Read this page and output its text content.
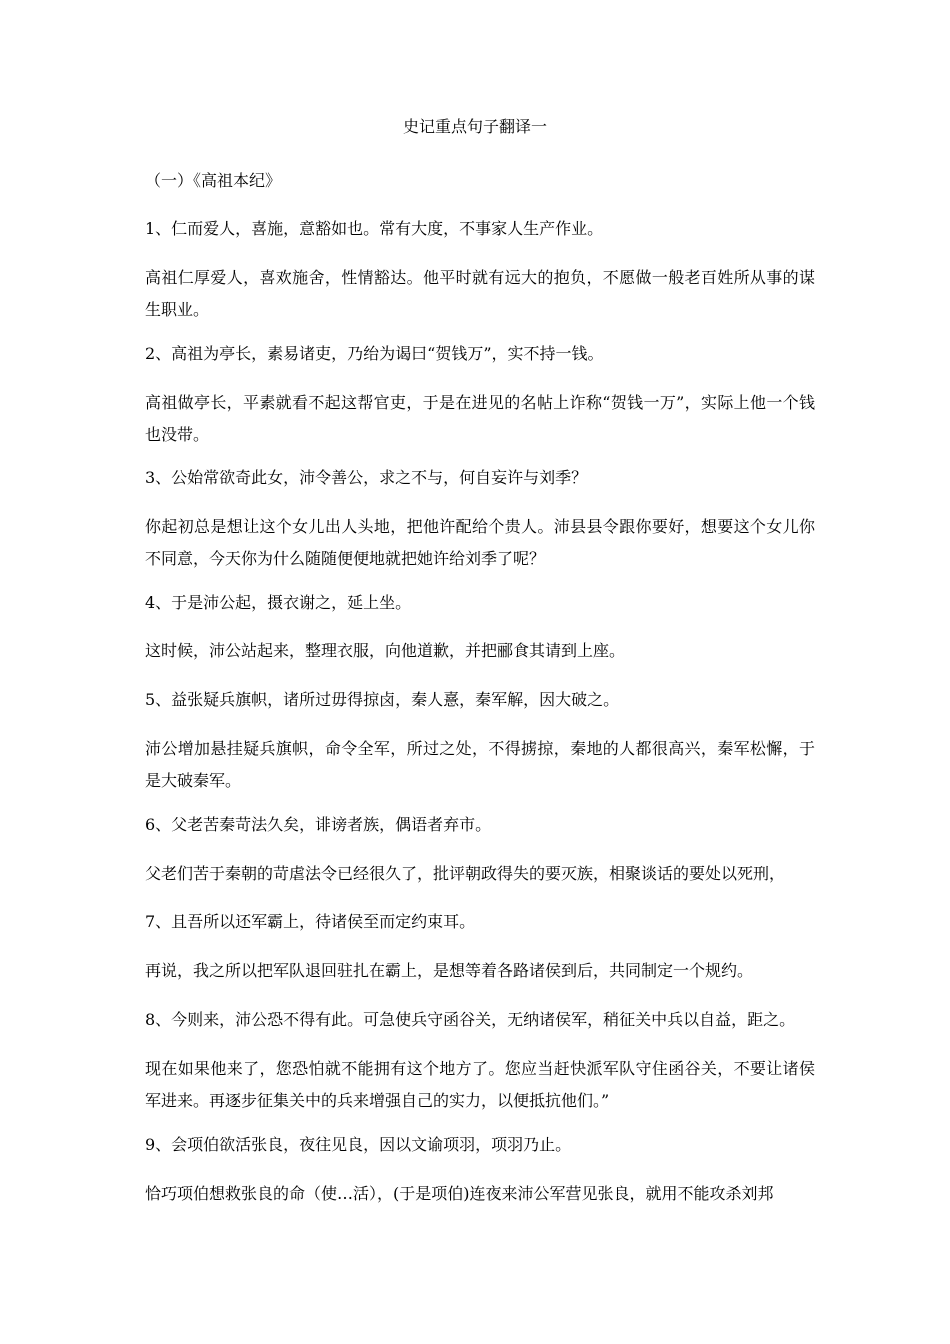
史记重点句子翻译一

（一）《高祖本纪》

1、仁而爱人，喜施，意豁如也。常有大度，不事家人生产作业。

高祖仁厚爱人，喜欢施舍，性情豁达。他平时就有远大的抱负，不愿做一般老百姓所从事的谋生职业。

2、高祖为亭长，素易诸吏，乃绐为谒曰“贺钱万”，实不持一钱。

高祖做亭长，平素就看不起这帮官吏，于是在进见的名帖上诈称“贺钱一万”，实际上他一个钱也没带。

3、公始常欲奇此女，沛令善公，求之不与，何自妄许与刘季？

你起初总是想让这个女儿出人头地，把他许配给个贵人。沛县县令跟你要好，想要这个女儿你不同意，今天你为什么随随便便地就把她许给刘季了呢？

4、于是沛公起，摄衣谢之，延上坐。

这时候，沛公站起来，整理衣服，向他道歉，并把郦食其请到上座。

5、益张疑兵旗帜，诸所过毋得掠卤，秦人憙，秦军解，因大破之。

沛公增加悬挂疑兵旗帜，命令全军，所过之处，不得掳掠，秦地的人都很高兴，秦军松懈，于是大破秦军。

6、父老苦秦苛法久矣，诽谤者族，偶语者弃市。

父老们苦于秦朝的苛虐法令已经很久了，批评朝政得失的要灭族，相聚谈话的要处以死刑，

7、且吾所以还军霸上，待诸侯至而定约束耳。

再说，我之所以把军队退回驻扎在霸上，是想等着各路诸侯到后，共同制定一个规约。

8、今则来，沛公恐不得有此。可急使兵守函谷关，无纳诸侯军，稍征关中兵以自益，距之。

现在如果他来了，您恐怕就不能拥有这个地方了。您应当赶快派军队守住函谷关，不要让诸侯军进来。再逐步征集关中的兵来增强自己的实力，以便抵抗他们。”

9、会项伯欲活张良，夜往见良，因以文谕项羽，项羽乃止。

恰巧项伯想救张良的命（使…活），(于是项伯)连夜来沛公军营见张良，就用不能攻杀刘邦
